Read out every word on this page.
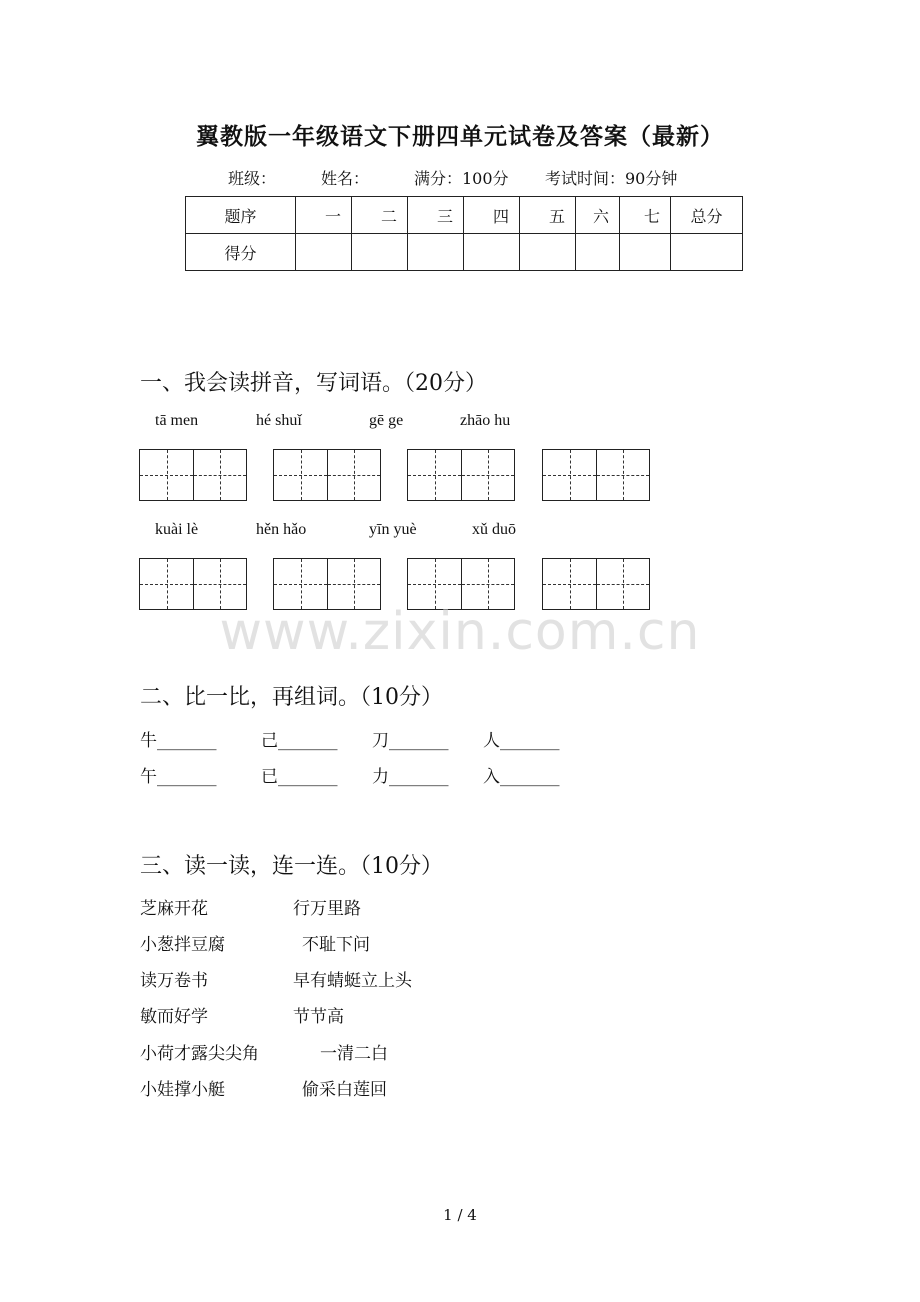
翼教版一年级语文下册四单元试卷及答案（最新）
班级：	姓名：	满分：100分 考试时间：90分钟
题序	一	二	三	四	五	六	七	总分
得分								
一、我会读拼音，写词语。（20分）
tā men	hé shuǐ	gē ge	zhāo hu
kuài lè	hěn hǎo	yīn yuè	xǔ duō
www.zixin.com.cn
二、比一比，再组词。（10分）
牛_______	己_______ 刀_______ 人_______
午_______	已_______ 力_______ 入_______
三、读一读，连一连。（10分）
芝麻开花	行万里路
小葱拌豆腐	不耻下问
读万卷书	早有蜻蜓立上头
敏而好学	节节高
小荷才露尖尖角	一清二白
小娃撑小艇	偷采白莲回
1 / 4
